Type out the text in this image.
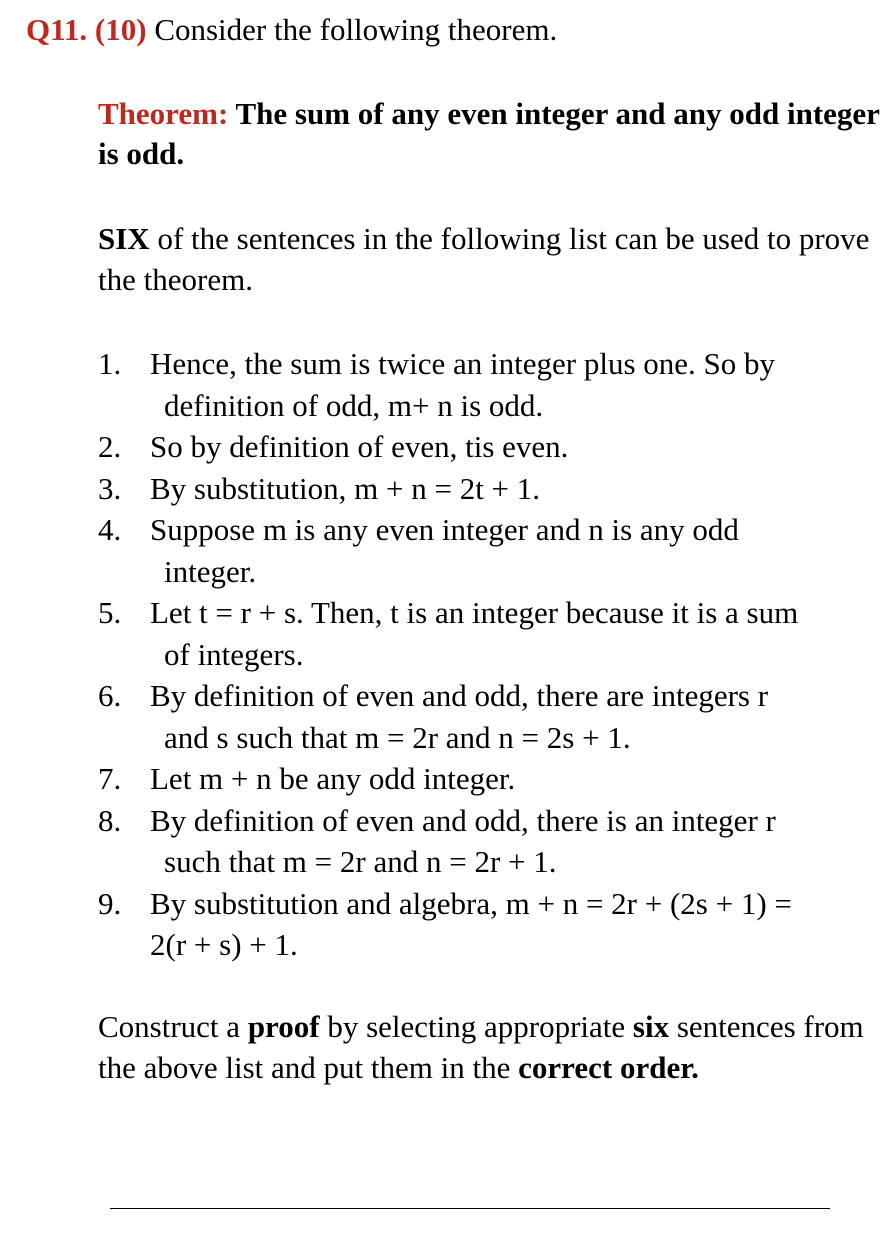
Q11. (10) Consider the following theorem.
Theorem: The sum of any even integer and any odd integer is odd.
SIX of the sentences in the following list can be used to prove the theorem.
1. Hence, the sum is twice an integer plus one. So by
definition of odd, m+ n is odd.
2. So by definition of even, tis even.
3. By substitution, m + n = 2t + 1.
4. Suppose m is any even integer and n is any odd
integer.
5. Let t = r + s. Then, t is an integer because it is a sum
of integers.
6. By definition of even and odd, there are integers r
and s such that m = 2r and n = 2s + 1.
7. Let m + n be any odd integer.
8. By definition of even and odd, there is an integer r
such that m = 2r and n = 2r + 1.
9. By substitution and algebra, m + n = 2r + (2s + 1) =
2(r + s) + 1.
Construct a proof by selecting appropriate six sentences from the above list and put them in the correct order.
